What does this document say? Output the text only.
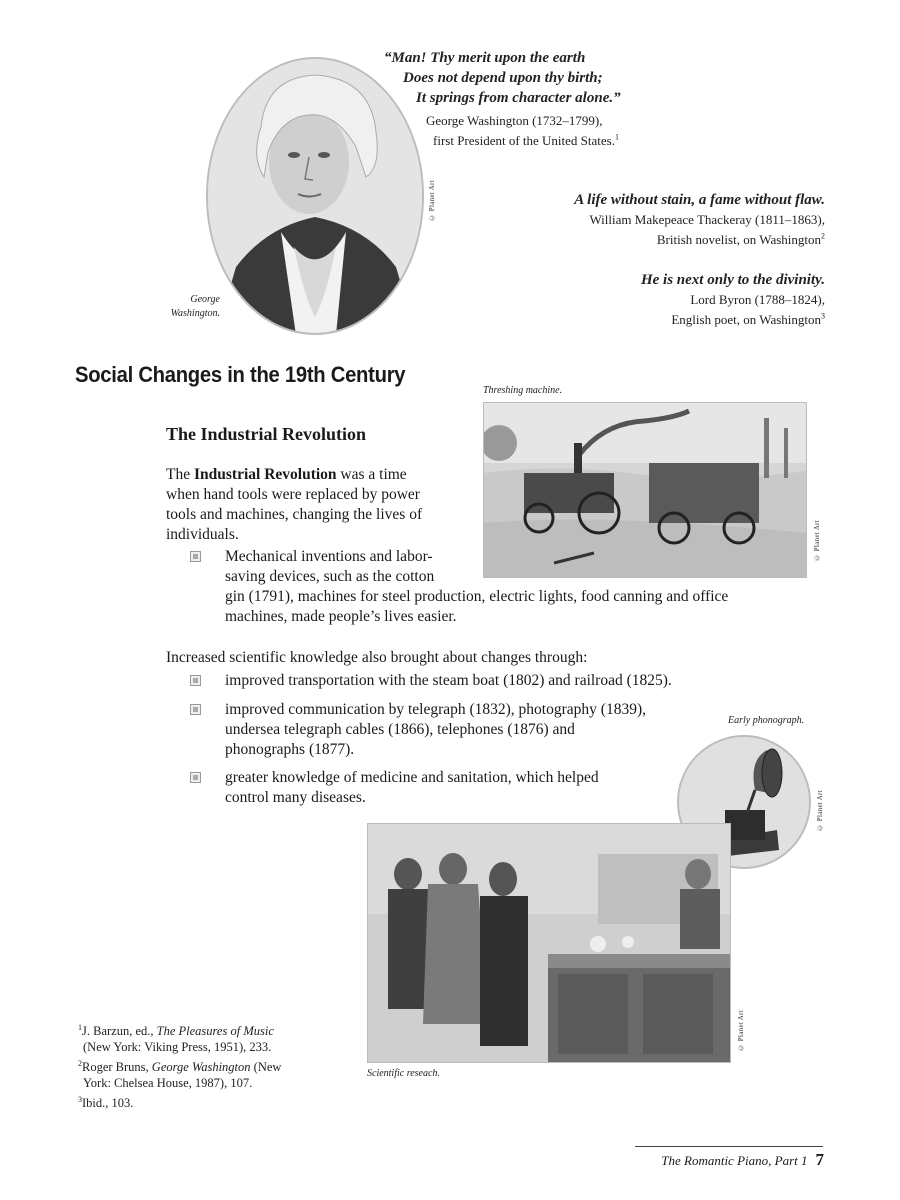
© Planet Art
George
Washington.
“Man! Thy merit upon the earth
Does not depend upon thy birth;
It springs from character alone.”
George Washington (1732–1799),
first President of the United States.$^1$
A life without stain, a fame without flaw.
William Makepeace Thackeray (1811–1863),
British novelist, on Washington$^2$
He is next only to the divinity.
Lord Byron (1788–1824),
English poet, on Washington$^3$
Social Changes in the 19th Century
Threshing machine.
© Planet Art
The Industrial Revolution
The Industrial Revolution was a time
when hand tools were replaced by power
tools and machines, changing the lives of
individuals.
Mechanical inventions and labor-
saving devices, such as the cotton
gin (1791), machines for steel production, electric lights, food canning and office
machines, made people’s lives easier.
Increased scientific knowledge also brought about changes through:
improved transportation with the steam boat (1802) and railroad (1825).
improved communication by telegraph (1832), photography (1839),
undersea telegraph cables (1866), telephones (1876) and
phonographs (1877).
greater knowledge of medicine and sanitation, which helped
control many diseases.
Early phonograph.
© Planet Art
© Planet Art
Scientific reseach.
$^1$J. Barzun, ed., The Pleasures of Music
(New York: Viking Press, 1951), 233.
$^2$Roger Bruns, George Washington (New
York: Chelsea House, 1987), 107.
$^3$Ibid., 103.
The Romantic Piano, Part 1 7
